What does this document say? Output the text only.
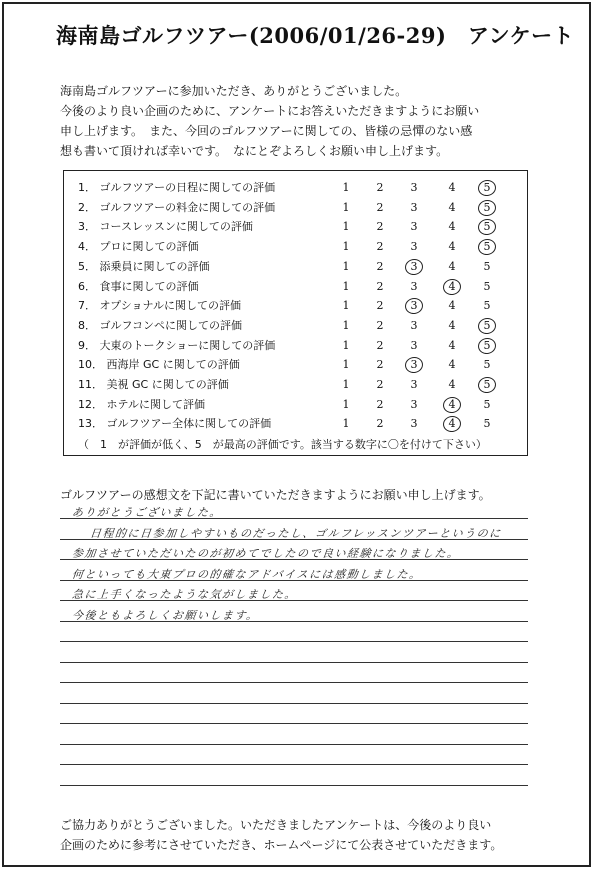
海南島ゴルフツアー(2006/01/26-29)　アンケート
海南島ゴルフツアーに参加いただき、ありがとうございました。
今後のより良い企画のために、アンケートにお答えいただきますようにお願い
申し上げます。　また、今回のゴルフツアーに関しての、皆様の忌憚のない感
想も書いて頂ければ幸いです。　なにとぞよろしくお願い申し上げます。
（　1　が評価が低く、5　が最高の評価です。該当する数字に〇を付けて下さい）
1． ゴルフツアーの日程に関しての評価	1	2	3	4	5
2． ゴルフツアーの料金に関しての評価	1	2	3	4	5
3． コースレッスンに関しての評価	1	2	3	4	5
4． プロに関しての評価	1	2	3	4	5
5． 添乗員に関しての評価	1	2	3	4	5
6． 食事に関しての評価	1	2	3	4	5
7． オプショナルに関しての評価	1	2	3	4	5
8． ゴルフコンペに関しての評価	1	2	3	4	5
9． 大東のトークショーに関しての評価	1	2	3	4	5
10． 西海岸 GC に関しての評価	1	2	3	4	5
11． 美視 GC に関しての評価	1	2	3	4	5
12． ホテルに関して評価	1	2	3	4	5
13． ゴルフツアー全体に関しての評価	1	2	3	4	5
ゴルフツアーの感想文を下記に書いていただきますようにお願い申し上げます。
ありがとうございました。
日程的に日参加しやすいものだったし、ゴルフレッスンツアーというのに
参加させていただいたのが初めてでしたので良い経験になりました。
何といっても大東プロの的確なアドバイスには感動しました。
急に上手くなったような気がしました。
今後ともよろしくお願いします。
ご協力ありがとうございました。いただきましたアンケートは、今後のより良い
企画のために参考にさせていただき、ホームページにて公表させていただきます。
